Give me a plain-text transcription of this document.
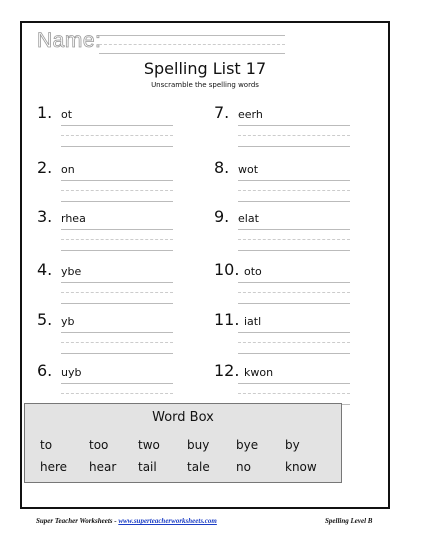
Name:
Spelling List 17
Unscramble the spelling words
1. ot
2. on
3. rhea
4. ybe
5. yb
6. uyb
7. eerh
8. wot
9. elat
10. oto
11. iatl
12. kwon
Word Box
to	too two buy bye by
here hear tail	tale no	know
Super Teacher Worksheets - www.superteacherworksheets.com	Spelling Level B
